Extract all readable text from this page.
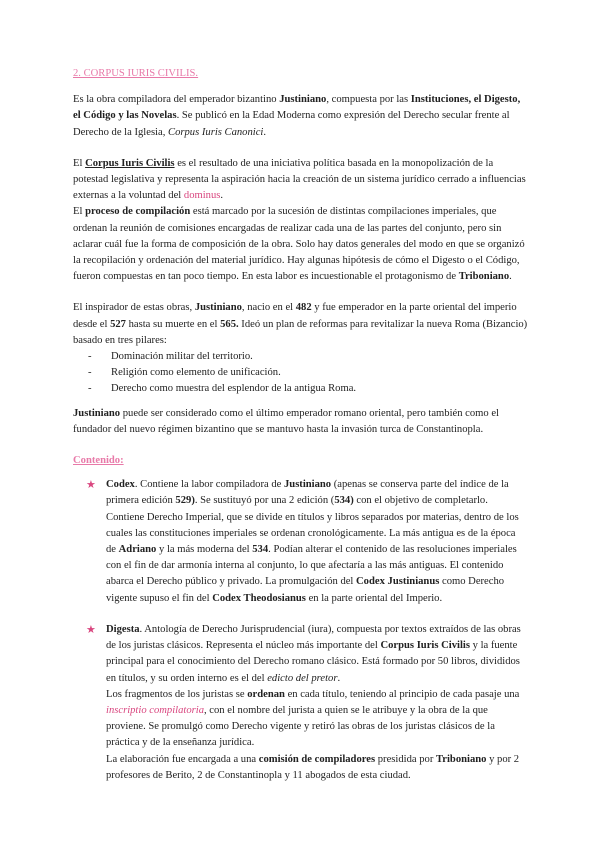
2. CORPUS IURIS CIVILIS.

Es la obra compiladora del emperador bizantino Justiniano, compuesta por las Instituciones, el Digesto, el Código y las Novelas. Se publicó en la Edad Moderna como expresión del Derecho secular frente al Derecho de la Iglesia, Corpus Iuris Canonici.

El Corpus Iuris Civilis es el resultado de una iniciativa política basada en la monopolización de la potestad legislativa y representa la aspiración hacia la creación de un sistema jurídico cerrado a influencias externas a la voluntad del dominus.

El proceso de compilación está marcado por la sucesión de distintas compilaciones imperiales, que ordenan la reunión de comisiones encargadas de realizar cada una de las partes del conjunto, pero sin aclarar cuál fue la forma de composición de la obra. Solo hay datos generales del modo en que se organizó la recopilación y ordenación del material jurídico. Hay algunas hipótesis de cómo el Digesto o el Código, fueron compuestas en tan poco tiempo. En esta labor es incuestionable el protagonismo de Triboniano.

El inspirador de estas obras, Justiniano, nacio en el 482 y fue emperador en la parte oriental del imperio desde el 527 hasta su muerte en el 565. Ideó un plan de reformas para revitalizar la nueva Roma (Bizancio) basado en tres pilares:

- Dominación militar del territorio.
- Religión como elemento de unificación.
- Derecho como muestra del esplendor de la antigua Roma.

Justiniano puede ser considerado como el último emperador romano oriental, pero también como el fundador del nuevo régimen bizantino que se mantuvo hasta la invasión turca de Constantinopla.

Contenido:

★ Codex. Contiene la labor compiladora de Justiniano (apenas se conserva parte del índice de la primera edición 529). Se sustituyó por una 2 edición (534) con el objetivo de completarlo. Contiene Derecho Imperial, que se divide en títulos y libros separados por materias, dentro de los cuales las constituciones imperiales se ordenan cronológicamente. La más antigua es de la época de Adriano y la más moderna del 534. Podían alterar el contenido de las resoluciones imperiales con el fin de dar armonía interna al conjunto, lo que afectaría a las más antiguas. El contenido abarca el Derecho público y privado. La promulgación del Codex Justinianus como Derecho vigente supuso el fin del Codex Theodosianus en la parte oriental del Imperio.

★ Digesta. Antología de Derecho Jurisprudencial (iura), compuesta por textos extraídos de las obras de los juristas clásicos. Representa el núcleo más importante del Corpus Iuris Civilis y la fuente principal para el conocimiento del Derecho romano clásico. Está formado por 50 libros, divididos en títulos, y su orden interno es el del edicto del pretor.

Los fragmentos de los juristas se ordenan en cada título, teniendo al principio de cada pasaje una inscriptio compilatoria, con el nombre del jurista a quien se le atribuye y la obra de la que proviene. Se promulgó como Derecho vigente y retiró las obras de los juristas clásicos de la práctica y de la enseñanza jurídica.

La elaboración fue encargada a una comisión de compiladores presidida por Triboniano y por 2 profesores de Berito, 2 de Constantinopla y 11 abogados de esta ciudad.
